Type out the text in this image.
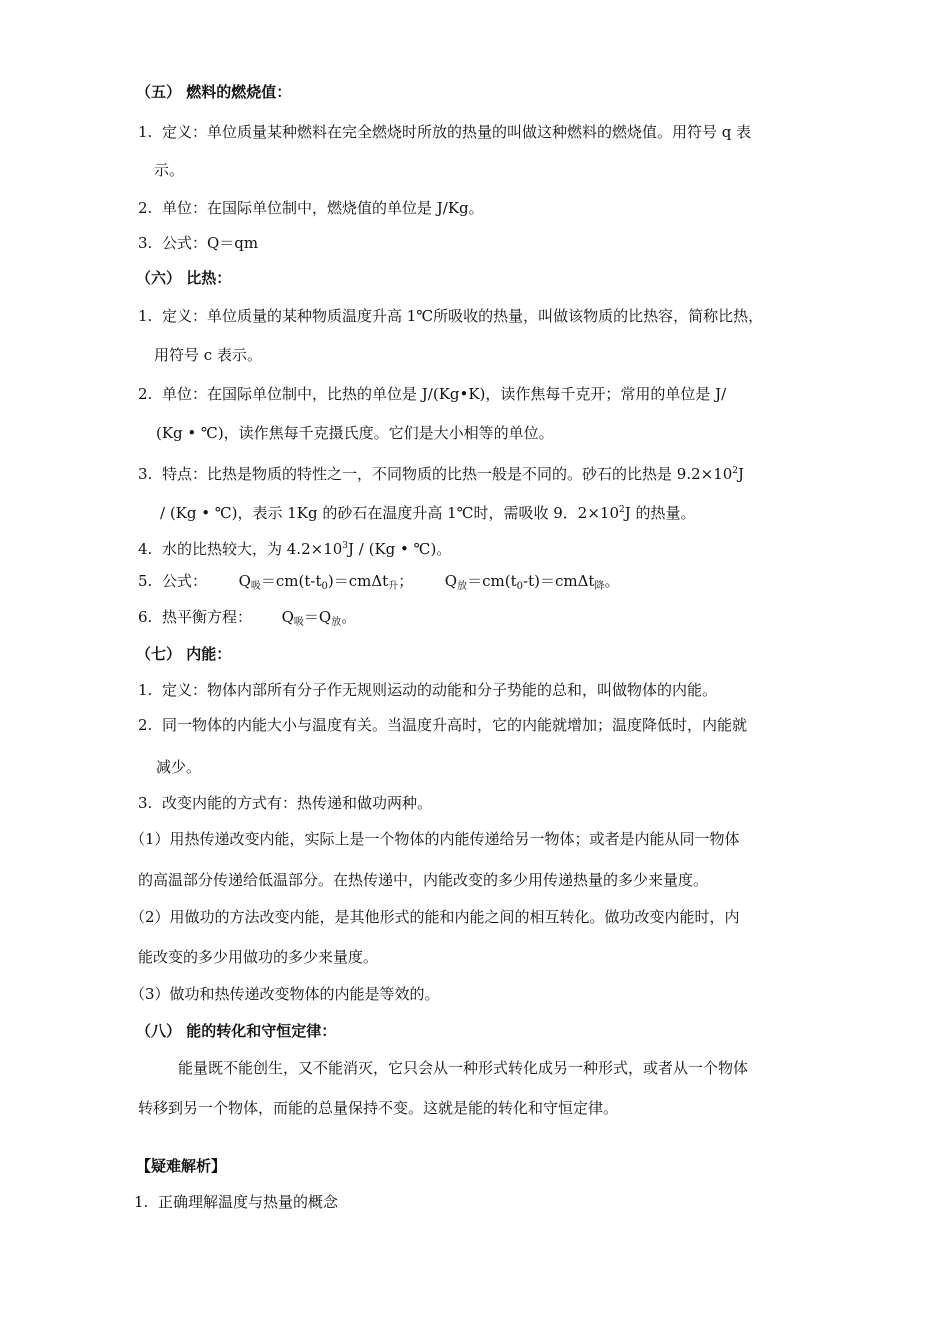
（五） 燃料的燃烧值：
1. 定义：单位质量某种燃料在完全燃烧时所放的热量的叫做这种燃料的燃烧值。用符号 q 表
示。
2. 单位：在国际单位制中，燃烧值的单位是 J/Kg。
3. 公式：Q＝qm
（六） 比热：
1. 定义：单位质量的某种物质温度升高 1℃所吸收的热量，叫做该物质的比热容，简称比热，
用符号 c 表示。
2. 单位：在国际单位制中，比热的单位是 J/(Kg•K)，读作焦每千克开；常用的单位是 J/
(Kg • ℃)，读作焦每千克摄氏度。它们是大小相等的单位。
3. 特点：比热是物质的特性之一，不同物质的比热一般是不同的。砂石的比热是 $9.2\times 10^2J$
/ (Kg • ℃)，表示 1Kg 的砂石在温度升高 1℃时，需吸收 9．$2\times 10^2J$ 的热量。
4. 水的比热较大，为 $4.2\times 10^3J / (Kg$ • ℃)。
5. 公式： $Q_吸=cm(t-t_0)=cm\Delta t_升$； $Q_放=cm(t_0-t)=cm\Delta t_降$。
6. 热平衡方程： $Q_吸=Q_放$。
（七） 内能：
1. 定义：物体内部所有分子作无规则运动的动能和分子势能的总和，叫做物体的内能。
2. 同一物体的内能大小与温度有关。当温度升高时，它的内能就增加；温度降低时，内能就
减少。
3. 改变内能的方式有：热传递和做功两种。
（1）用热传递改变内能，实际上是一个物体的内能传递给另一物体；或者是内能从同一物体
的高温部分传递给低温部分。在热传递中，内能改变的多少用传递热量的多少来量度。
（2）用做功的方法改变内能，是其他形式的能和内能之间的相互转化。做功改变内能时，内
能改变的多少用做功的多少来量度。
（3）做功和热传递改变物体的内能是等效的。
（八） 能的转化和守恒定律：
能量既不能创生，又不能消灭，它只会从一种形式转化成另一种形式，或者从一个物体
转移到另一个物体，而能的总量保持不变。这就是能的转化和守恒定律。
【疑难解析】
1. 正确理解温度与热量的概念
